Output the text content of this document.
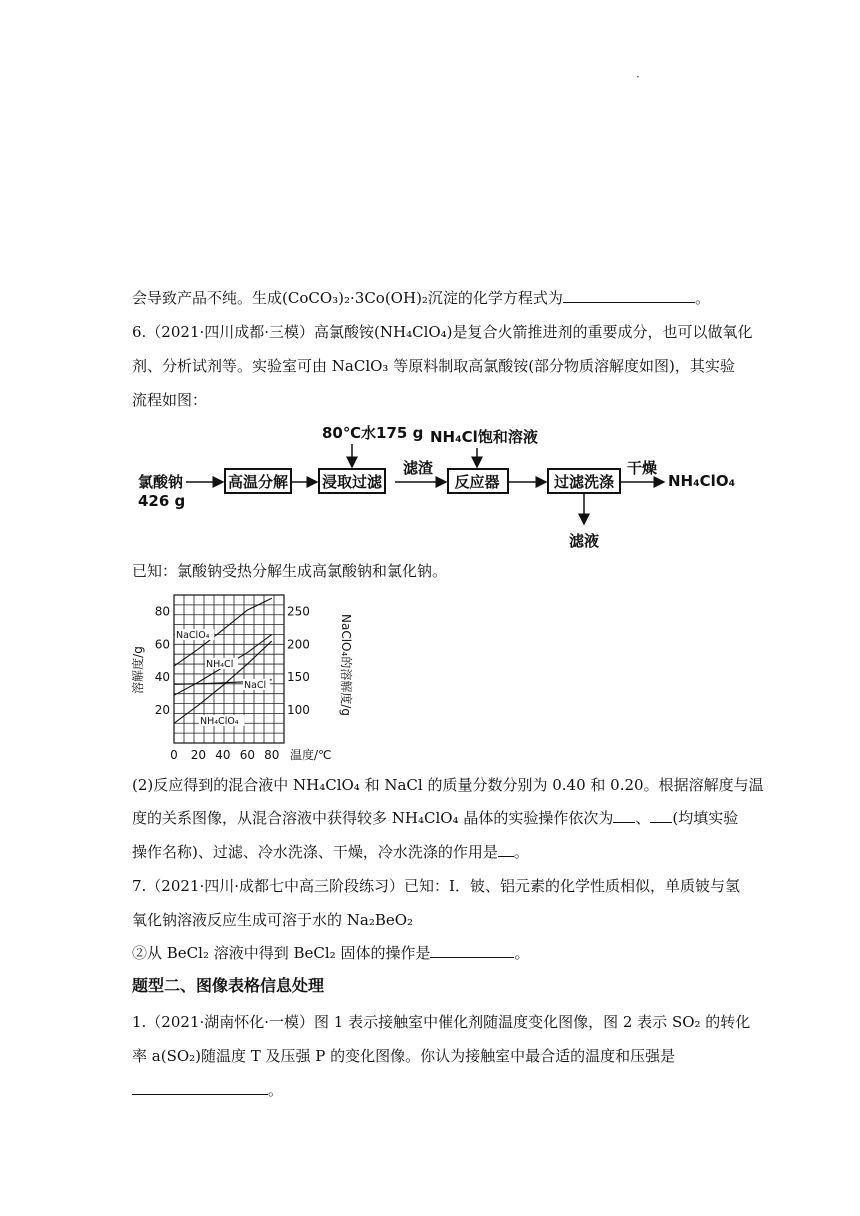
·
会导致产品不纯。生成(CoCO₃)₂·3Co(OH)₂沉淀的化学方程式为	。
6.（2021·四川成都·三模）高氯酸铵(NH₄ClO₄)是复合火箭推进剂的重要成分，也可以做氧化
剂、分析试剂等。实验室可由 NaClO₃ 等原料制取高氯酸铵(部分物质溶解度如图)，其实验
流程如图：
氯酸钠
426 g
80℃水175 g NH₄Cl饱和溶液
高温分解 浸取过滤
滤渣
反应器	过滤洗涤
干燥
NH₄ClO₄
滤液
已知：氯酸钠受热分解生成高氯酸钠和氯化钠。
0 20 40 60 80
20
40
60
80
100
150
200
250
温度/℃
溶解度/g	NaClO₄的溶解度/g
NaClO₄
NH₄Cl
NaCl
NH₄ClO₄
(2)反应得到的混合液中 NH₄ClO₄ 和 NaCl 的质量分数分别为 0.40 和 0.20。根据溶解度与温
度的关系图像，从混合溶液中获得较多 NH₄ClO₄ 晶体的实验操作依次为 、 (均填实验
操作名称)、过滤、冷水洗涤、干燥，冷水洗涤的作用是 。
7.（2021·四川·成都七中高三阶段练习）已知：I．铍、铝元素的化学性质相似，单质铍与氢
氧化钠溶液反应生成可溶于水的 Na₂BeO₂
②从 BeCl₂ 溶液中得到 BeCl₂ 固体的操作是	。
题型二、图像表格信息处理
1.（2021·湖南怀化·一模）图 1 表示接触室中催化剂随温度变化图像，图 2 表示 SO₂ 的转化
率 a(SO₂)随温度 T 及压强 P 的变化图像。你认为接触室中最合适的温度和压强是
。
